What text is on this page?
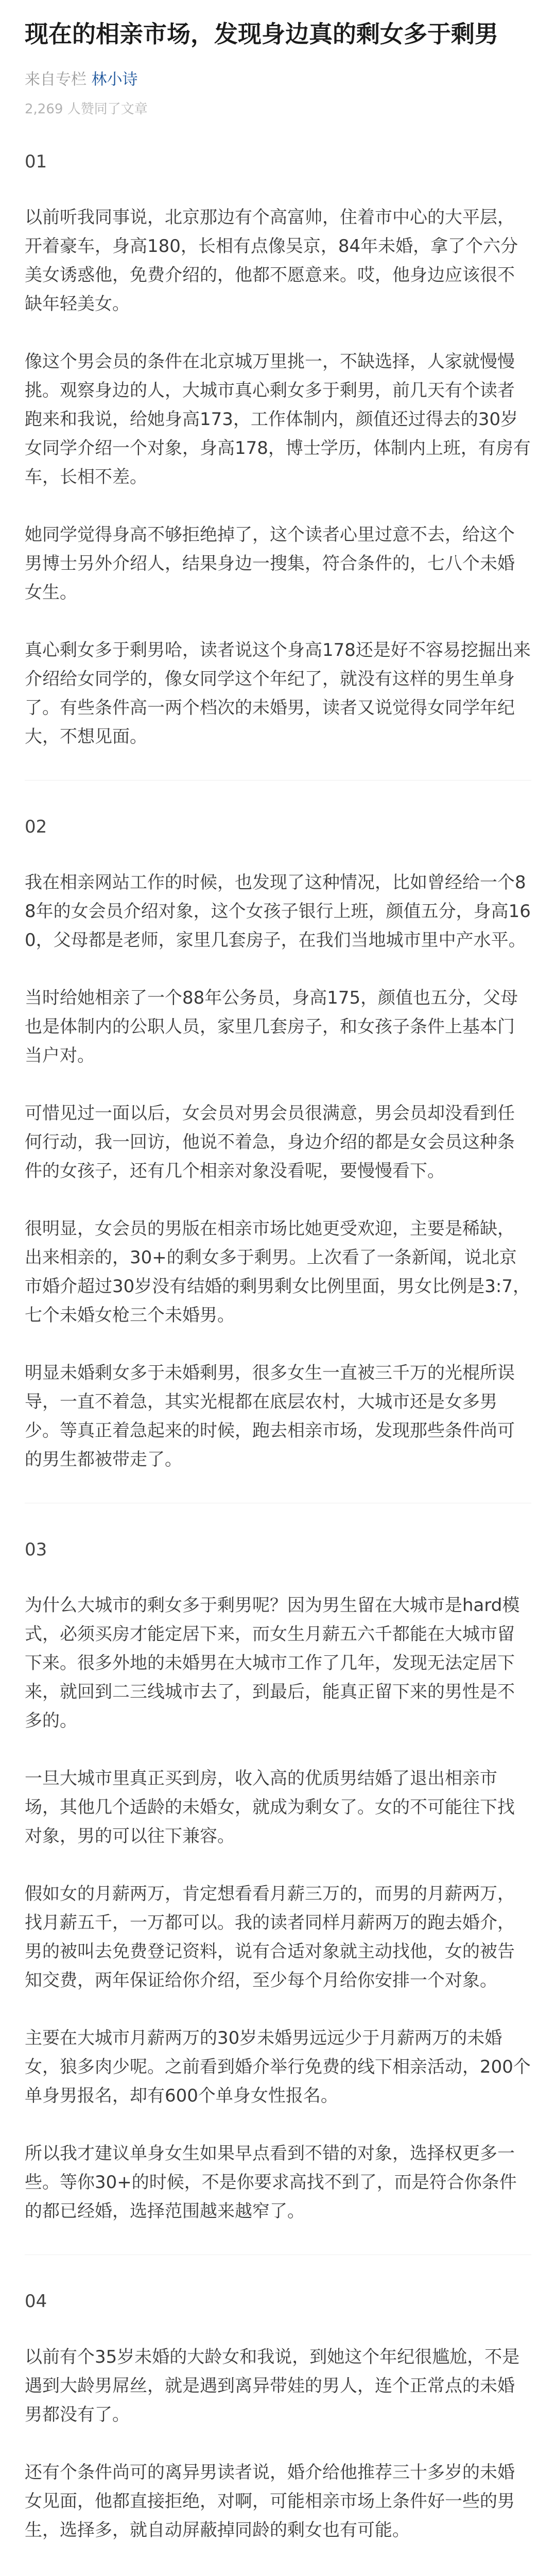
现在的相亲市场，发现身边真的剩女多于剩男
来自专栏 林小诗
2,269 人赞同了文章
01

以前听我同事说，北京那边有个高富帅，住着市中心的大平层，开着豪车，身高180，长相有点像吴京，84年未婚，拿了个六分美女诱惑他，免费介绍的，他都不愿意来。哎，他身边应该很不缺年轻美女。

像这个男会员的条件在北京城万里挑一，不缺选择，人家就慢慢挑。观察身边的人，大城市真心剩女多于剩男，前几天有个读者跑来和我说，给她身高173，工作体制内，颜值还过得去的30岁女同学介绍一个对象，身高178，博士学历，体制内上班，有房有车，长相不差。

她同学觉得身高不够拒绝掉了，这个读者心里过意不去，给这个男博士另外介绍人，结果身边一搜集，符合条件的，七八个未婚女生。

真心剩女多于剩男哈，读者说这个身高178还是好不容易挖掘出来介绍给女同学的，像女同学这个年纪了，就没有这样的男生单身了。有些条件高一两个档次的未婚男，读者又说觉得女同学年纪大，不想见面。

02

我在相亲网站工作的时候，也发现了这种情况，比如曾经给一个88年的女会员介绍对象，这个女孩子银行上班，颜值五分，身高160，父母都是老师，家里几套房子，在我们当地城市里中产水平。

当时给她相亲了一个88年公务员，身高175，颜值也五分，父母也是体制内的公职人员，家里几套房子，和女孩子条件上基本门当户对。

可惜见过一面以后，女会员对男会员很满意，男会员却没看到任何行动，我一回访，他说不着急，身边介绍的都是女会员这种条件的女孩子，还有几个相亲对象没看呢，要慢慢看下。

很明显，女会员的男版在相亲市场比她更受欢迎，主要是稀缺，出来相亲的，30+的剩女多于剩男。上次看了一条新闻，说北京市婚介超过30岁没有结婚的剩男剩女比例里面，男女比例是3:7，七个未婚女枪三个未婚男。

明显未婚剩女多于未婚剩男，很多女生一直被三千万的光棍所误导，一直不着急，其实光棍都在底层农村，大城市还是女多男少。等真正着急起来的时候，跑去相亲市场，发现那些条件尚可的男生都被带走了。

03

为什么大城市的剩女多于剩男呢？因为男生留在大城市是hard模式，必须买房才能定居下来，而女生月薪五六千都能在大城市留下来。很多外地的未婚男在大城市工作了几年，发现无法定居下来，就回到二三线城市去了，到最后，能真正留下来的男性是不多的。

一旦大城市里真正买到房，收入高的优质男结婚了退出相亲市场，其他几个适龄的未婚女，就成为剩女了。女的不可能往下找对象，男的可以往下兼容。

假如女的月薪两万，肯定想看看月薪三万的，而男的月薪两万，找月薪五千，一万都可以。我的读者同样月薪两万的跑去婚介，男的被叫去免费登记资料，说有合适对象就主动找他，女的被告知交费，两年保证给你介绍，至少每个月给你安排一个对象。

主要在大城市月薪两万的30岁未婚男远远少于月薪两万的未婚女，狼多肉少呢。之前看到婚介举行免费的线下相亲活动，200个单身男报名，却有600个单身女性报名。

所以我才建议单身女生如果早点看到不错的对象，选择权更多一些。等你30+的时候，不是你要求高找不到了，而是符合你条件的都已经婚，选择范围越来越窄了。

04

以前有个35岁未婚的大龄女和我说，到她这个年纪很尴尬，不是遇到大龄男屌丝，就是遇到离异带娃的男人，连个正常点的未婚男都没有了。

还有个条件尚可的离异男读者说，婚介给他推荐三十多岁的未婚女见面，他都直接拒绝，对啊，可能相亲市场上条件好一些的男生，选择多，就自动屏蔽掉同龄的剩女也有可能。
